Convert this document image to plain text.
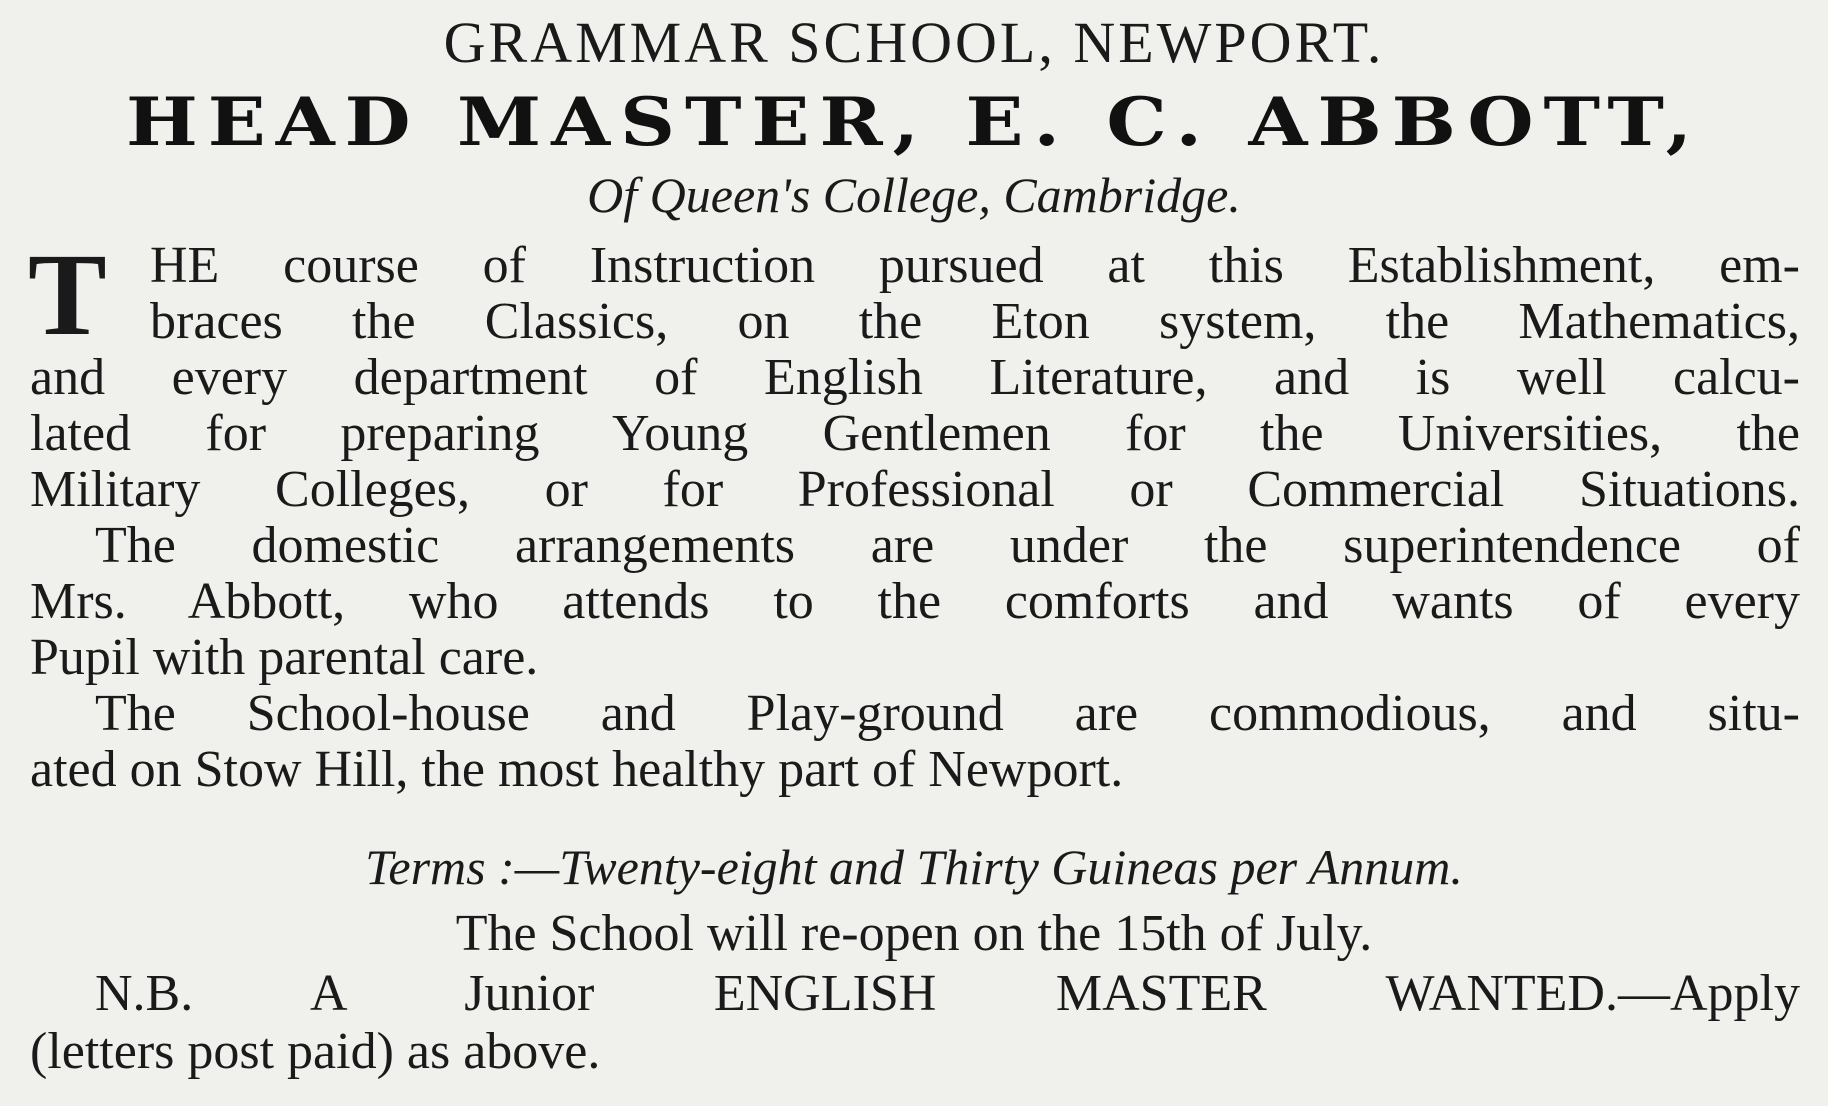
GRAMMAR SCHOOL, NEWPORT.
HEAD MASTER, E. C. ABBOTT,
Of Queen's College, Cambridge.
T HE course of Instruction pursued at this Establishment, em-
braces the Classics, on the Eton system, the Mathematics,
and every department of English Literature, and is well calcu-
lated for preparing Young Gentlemen for the Universities, the
Military Colleges, or for Professional or Commercial Situations.
The domestic arrangements are under the superintendence of
Mrs. Abbott, who attends to the comforts and wants of every
Pupil with parental care.
The School-house and Play-ground are commodious, and situ-
ated on Stow Hill, the most healthy part of Newport.
Terms :—Twenty-eight and Thirty Guineas per Annum.
The School will re-open on the 15th of July.
N.B. A Junior ENGLISH MASTER WANTED.—Apply
(letters post paid) as above.
